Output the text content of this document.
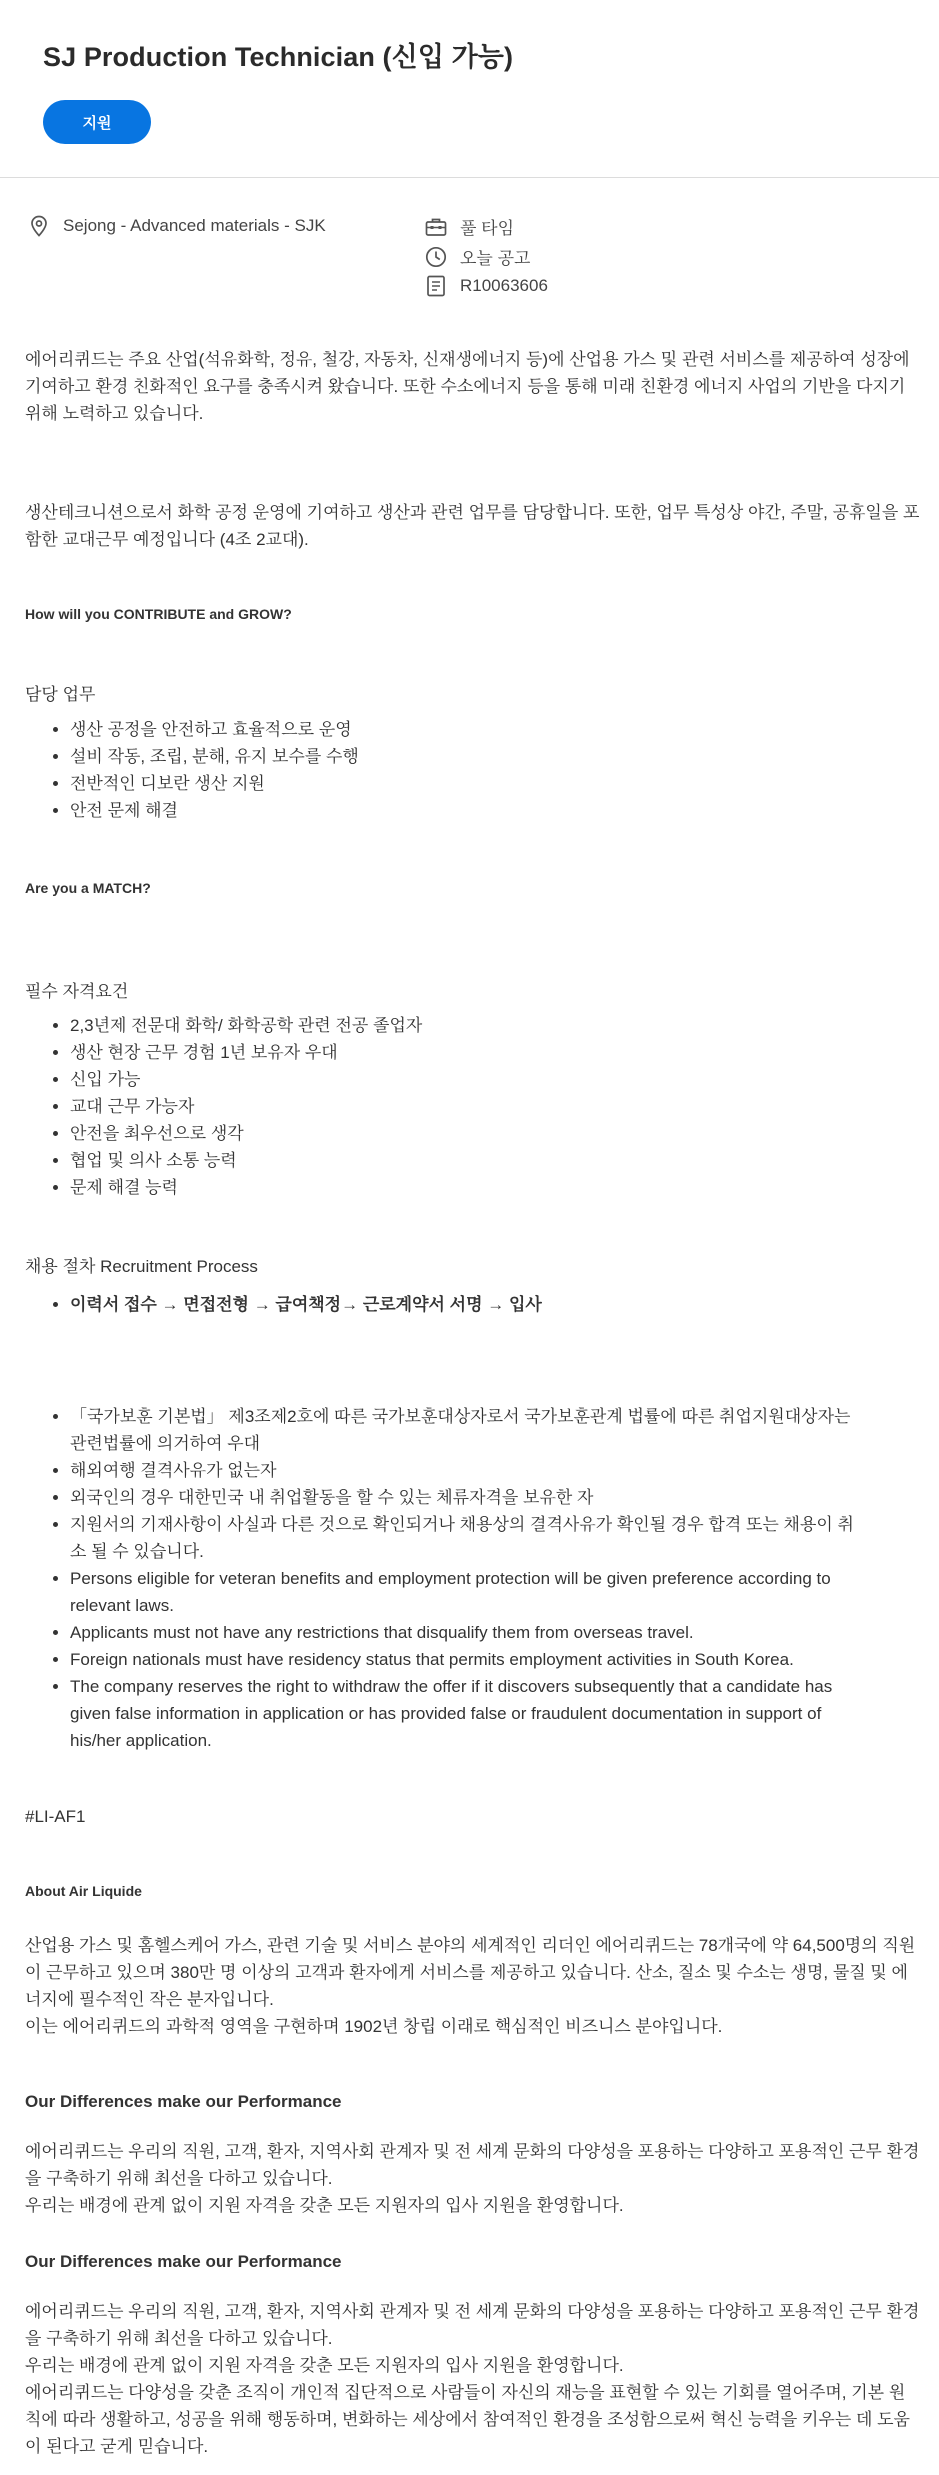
SJ Production Technician (신입 가능)
지원
Sejong - Advanced materials - SJK	풀 타임
오늘 공고
R10063606
에어리퀴드는 주요 산업(석유화학, 정유, 철강, 자동차, 신재생에너지 등)에 산업용 가스 및 관련 서비스를 제공하여 성장에 기여하고 환경 친화적인 요구를 충족시켜 왔습니다. 또한 수소에너지 등을 통해 미래 친환경 에너지 사업의 기반을 다지기 위해 노력하고 있습니다.
생산테크니션으로서 화학 공정 운영에 기여하고 생산과 관련 업무를 담당합니다. 또한, 업무 특성상 야간, 주말, 공휴일을 포함한 교대근무 예정입니다 (4조 2교대).
How will you CONTRIBUTE and GROW?
담당 업무
• 생산 공정을 안전하고 효율적으로 운영
• 설비 작동, 조립, 분해, 유지 보수를 수행
• 전반적인 디보란 생산 지원
• 안전 문제 해결
Are you a MATCH?
필수 자격요건
• 2,3년제 전문대 화학/ 화학공학 관련 전공 졸업자
• 생산 현장 근무 경험 1년 보유자 우대
• 신입 가능
• 교대 근무 가능자
• 안전을 최우선으로 생각
• 협업 및 의사 소통 능력
• 문제 해결 능력
채용 절차 Recruitment Process
• 이력서 접수 → 면접전형 → 급여책정→ 근로계약서 서명 → 입사
• 「국가보훈 기본법」 제3조제2호에 따른 국가보훈대상자로서 국가보훈관계 법률에 따른 취업지원대상자는 관련법률에 의거하여 우대
• 해외여행 결격사유가 없는자
• 외국인의 경우 대한민국 내 취업활동을 할 수 있는 체류자격을 보유한 자
• 지원서의 기재사항이 사실과 다른 것으로 확인되거나 채용상의 결격사유가 확인될 경우 합격 또는 채용이 취소 될 수 있습니다.
• Persons eligible for veteran benefits and employment protection will be given preference according to relevant laws.
• Applicants must not have any restrictions that disqualify them from overseas travel.
• Foreign nationals must have residency status that permits employment activities in South Korea.
• The company reserves the right to withdraw the offer if it discovers subsequently that a candidate has given false information in application or has provided false or fraudulent documentation in support of his/her application.
#LI-AF1
About Air Liquide
산업용 가스 및 홈헬스케어 가스, 관련 기술 및 서비스 분야의 세계적인 리더인 에어리퀴드는 78개국에 약 64,500명의 직원이 근무하고 있으며 380만 명 이상의 고객과 환자에게 서비스를 제공하고 있습니다. 산소, 질소 및 수소는 생명, 물질 및 에너지에 필수적인 작은 분자입니다.
이는 에어리퀴드의 과학적 영역을 구현하며 1902년 창립 이래로 핵심적인 비즈니스 분야입니다.
Our Differences make our Performance
에어리퀴드는 우리의 직원, 고객, 환자, 지역사회 관계자 및 전 세계 문화의 다양성을 포용하는 다양하고 포용적인 근무 환경을 구축하기 위해 최선을 다하고 있습니다.
우리는 배경에 관계 없이 지원 자격을 갖춘 모든 지원자의 입사 지원을 환영합니다.
Our Differences make our Performance
에어리퀴드는 우리의 직원, 고객, 환자, 지역사회 관계자 및 전 세계 문화의 다양성을 포용하는 다양하고 포용적인 근무 환경을 구축하기 위해 최선을 다하고 있습니다.
우리는 배경에 관계 없이 지원 자격을 갖춘 모든 지원자의 입사 지원을 환영합니다.
에어리퀴드는 다양성을 갖춘 조직이 개인적 집단적으로 사람들이 자신의 재능을 표현할 수 있는 기회를 열어주며, 기본 원칙에 따라 생활하고, 성공을 위해 행동하며, 변화하는 세상에서 참여적인 환경을 조성함으로써 혁신 능력을 키우는 데 도움이 된다고 굳게 믿습니다.
